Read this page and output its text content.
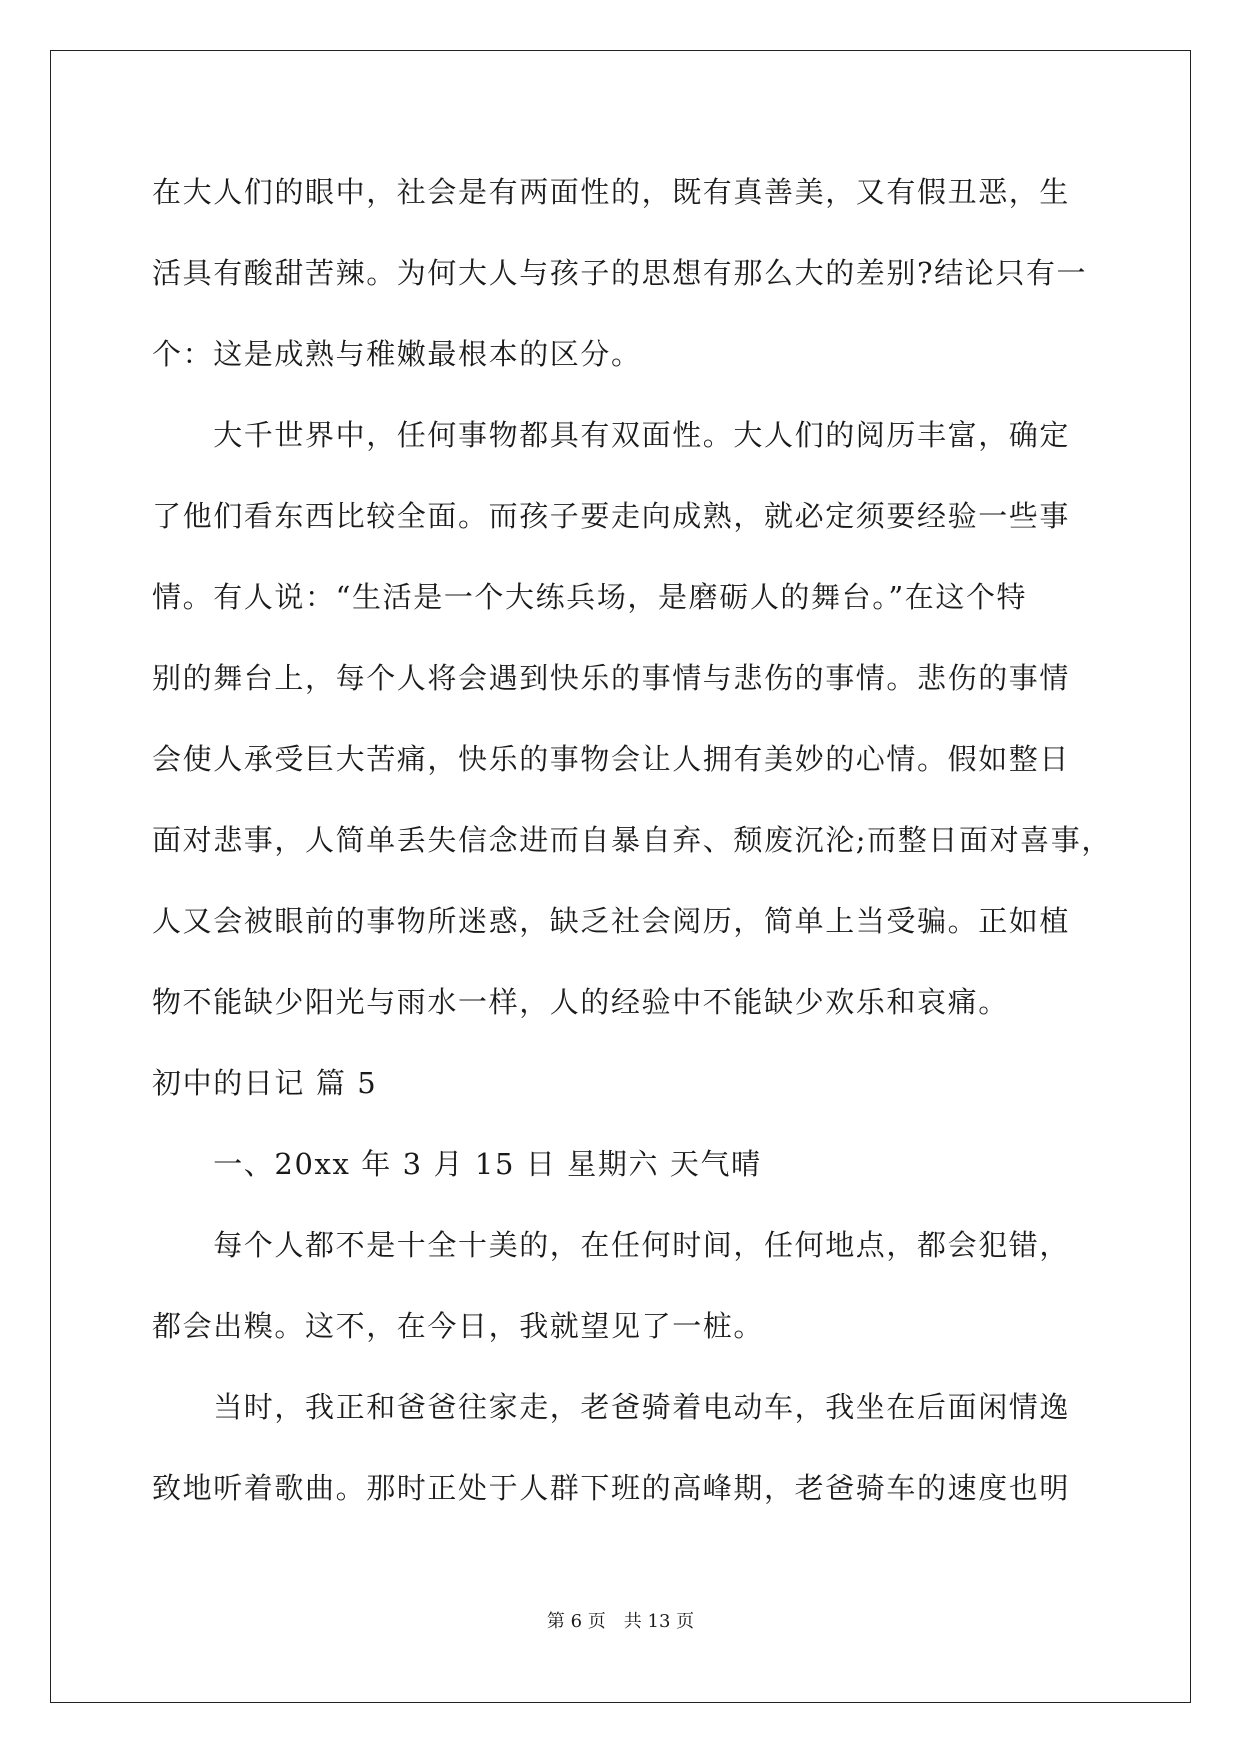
在大人们的眼中，社会是有两面性的，既有真善美，又有假丑恶，生
活具有酸甜苦辣。为何大人与孩子的思想有那么大的差别?结论只有一
个：这是成熟与稚嫩最根本的区分。
　　大千世界中，任何事物都具有双面性。大人们的阅历丰富，确定
了他们看东西比较全面。而孩子要走向成熟，就必定须要经验一些事
情。有人说：“生活是一个大练兵场，是磨砺人的舞台。”在这个特
别的舞台上，每个人将会遇到快乐的事情与悲伤的事情。悲伤的事情
会使人承受巨大苦痛，快乐的事物会让人拥有美妙的心情。假如整日
面对悲事，人简单丢失信念进而自暴自弃、颓废沉沦;而整日面对喜事，
人又会被眼前的事物所迷惑，缺乏社会阅历，简单上当受骗。正如植
物不能缺少阳光与雨水一样，人的经验中不能缺少欢乐和哀痛。
初中的日记 篇 5
　　一、20xx 年 3 月 15 日 星期六 天气晴
　　每个人都不是十全十美的，在任何时间，任何地点，都会犯错，
都会出糗。这不，在今日，我就望见了一桩。
　　当时，我正和爸爸往家走，老爸骑着电动车，我坐在后面闲情逸
致地听着歌曲。那时正处于人群下班的高峰期，老爸骑车的速度也明
第 6 页　共 13 页
